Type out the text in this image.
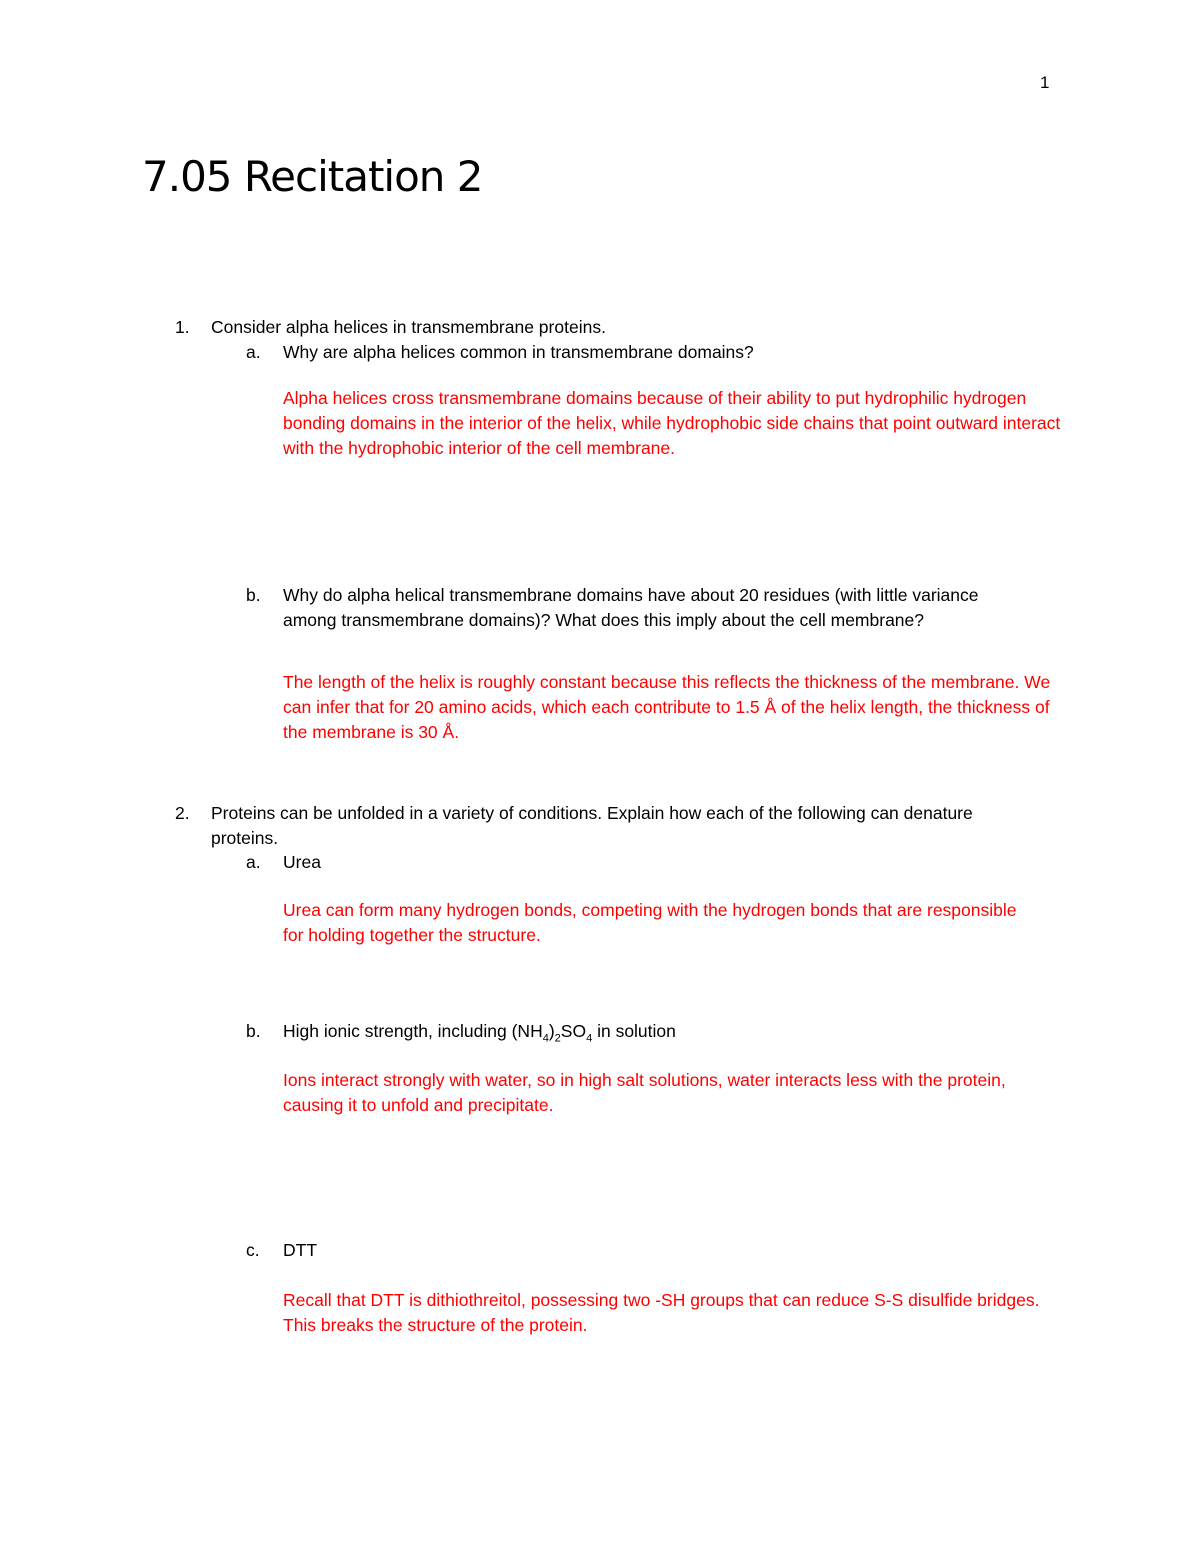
1
7.05 Recitation 2
1. Consider alpha helices in transmembrane proteins.
a. Why are alpha helices common in transmembrane domains?
Alpha helices cross transmembrane domains because of their ability to put hydrophilic hydrogen bonding domains in the interior of the helix, while hydrophobic side chains that point outward interact with the hydrophobic interior of the cell membrane.
b. Why do alpha helical transmembrane domains have about 20 residues (with little variance among transmembrane domains)? What does this imply about the cell membrane?
The length of the helix is roughly constant because this reflects the thickness of the membrane. We can infer that for 20 amino acids, which each contribute to 1.5 Å of the helix length, the thickness of the membrane is 30 Å.
2. Proteins can be unfolded in a variety of conditions. Explain how each of the following can denature proteins.
a. Urea
Urea can form many hydrogen bonds, competing with the hydrogen bonds that are responsible for holding together the structure.
b. High ionic strength, including $(NH_4)_2SO_4$ in solution
Ions interact strongly with water, so in high salt solutions, water interacts less with the protein, causing it to unfold and precipitate.
c. DTT
Recall that DTT is dithiothreitol, possessing two -SH groups that can reduce S-S disulfide bridges. This breaks the structure of the protein.
